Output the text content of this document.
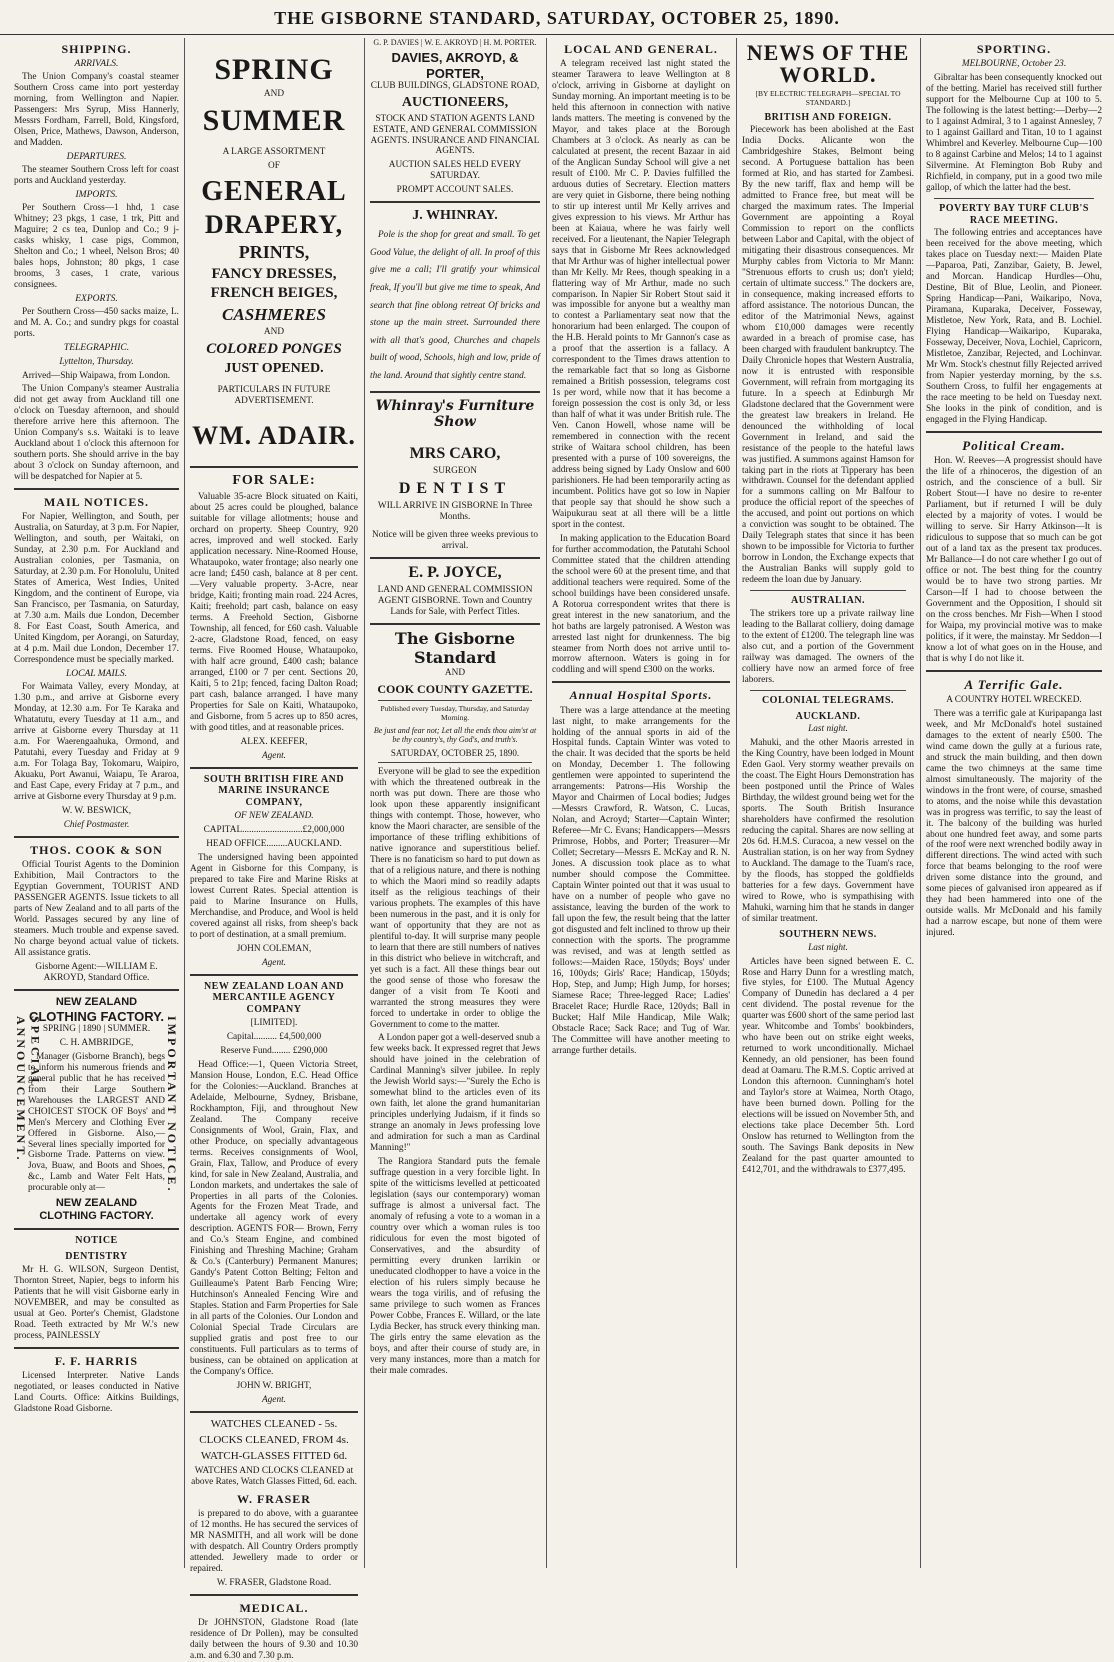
THE GISBORNE STANDARD, SATURDAY, OCTOBER 25, 1890.
SHIPPING.
ARRIVALS.

The Union Company's coastal steamer Southern Cross came into port yesterday morning, from Wellington and Napier. Passengers: Mrs Syrup, Miss Hannerly, Messrs Fordham, Farrell, Bold, Kingsford, Olsen, Price, Mathews, Dawson, Anderson, and Madden.

DEPARTURES.

The steamer Southern Cross left for coast ports and Auckland yesterday.

IMPORTS.

Per Southern Cross—1 hhd, 1 case Whitney; 23 pkgs, 1 case, 1 trk, Pitt and Maguire; 2 cs tea, Dunlop and Co.; 9 j-casks whisky, 1 case pigs, Common, Shelton and Co.; 1 wheel, Nelson Bros; 40 bales hops, Johnston; 80 pkgs, 1 case brooms, 3 cases, 1 crate, various consignees.

EXPORTS.

Per Southern Cross—450 sacks maize, L. and M. A. Co.; and sundry pkgs for coastal ports.

TELEGRAPHIC.

Lyttelton, Thursday.

Arrived—Ship Waipawa, from London.

The Union Company's steamer Australia did not get away from Auckland till one o'clock on Tuesday afternoon, and should therefore arrive here this afternoon. The Union Company's s.s. Waitaki is to leave Auckland about 1 o'clock this afternoon for southern ports. She should arrive in the bay about 3 o'clock on Sunday afternoon, and will be despatched for Napier at 5.

MAIL NOTICES.

For Napier, Wellington, and South, per Australia, on Saturday, at 3 p.m. For Napier, Wellington, and south, per Waitaki, on Sunday, at 2.30 p.m. For Auckland and Australian colonies, per Tasmania, on Saturday, at 2.30 p.m. For Honolulu, United States of America, West Indies, United Kingdom, and the continent of Europe, via San Francisco, per Tasmania, on Saturday, at 7.30 a.m. Mails due London, December 8. For East Coast, South America, and United Kingdom, per Aorangi, on Saturday, at 4 p.m. Mail due London, December 17. Correspondence must be specially marked.

LOCAL MAILS.

For Waimata Valley, every Monday, at 1.30 p.m., and arrive at Gisborne every Monday, at 12.30 a.m. For Te Karaka and Whatatutu, every Tuesday at 11 a.m., and arrive at Gisborne every Thursday at 11 a.m. For Waerengaahuka, Ormond, and Patutahi, every Tuesday and Friday at 9 a.m. For Tolaga Bay, Tokomaru, Waipiro, Akuaku, Port Awanui, Waiapu, Te Araroa, and East Cape, every Friday at 7 p.m., and arrive at Gisborne every Thursday at 9 p.m.

W. W. BESWICK,

Chief Postmaster.

THOS. COOK & SON

Official Tourist Agents to the Dominion Exhibition, Mail Contractors to the Egyptian Government, TOURIST AND PASSENGER AGENTS. Issue tickets to all parts of New Zealand and to all parts of the World. Passages secured by any line of steamers. Much trouble and expense saved. No charge beyond actual value of tickets. All assistance gratis.

Gisborne Agent:—WILLIAM E. AKROYD, Standard Office.

SPECIAL ANNOUNCEMENT.	IMPORTANT NOTICE.
NEW ZEALAND
CLOTHING FACTORY.

SPRING | 1890 | SUMMER.

C. H. AMBRIDGE,

Manager (Gisborne Branch), begs to inform his numerous friends and general public that he has received from their Large Southern Warehouses the LARGEST AND CHOICEST STOCK OF Boys' and Men's Mercery and Clothing Ever Offered in Gisborne. Also,— Several lines specially imported for Gisborne Trade. Patterns on view. Jova, Buaw, and Boots and Shoes, &c., Lamb and Water Felt Hats, procurable only at—

NEW ZEALAND CLOTHING FACTORY.
NOTICE
DENTISTRY

Mr H. G. WILSON, Surgeon Dentist, Thornton Street, Napier, begs to inform his Patients that he will visit Gisborne early in NOVEMBER, and may be consulted as usual at Geo. Porter's Chemist, Gladstone Road. Teeth extracted by Mr W.'s new process, PAINLESSLY

F. F. HARRIS

Licensed Interpreter. Native Lands negotiated, or leases conducted in Native Land Courts. Office: Aitkins Buildings, Gladstone Road Gisborne.

SPRING

AND

SUMMER

A LARGE ASSORTMENT

OF

GENERAL
DRAPERY,
PRINTS,
FANCY DRESSES,
FRENCH BEIGES,
CASHMERES

AND

COLORED PONGES
JUST OPENED.

PARTICULARS IN FUTURE ADVERTISEMENT.

WM. ADAIR.
FOR SALE:

Valuable 35-acre Block situated on Kaiti, about 25 acres could be ploughed, balance suitable for village allotments; house and orchard on property. Sheep Country, 920 acres, improved and well stocked. Early application necessary. Nine-Roomed House, Whataupoko, water frontage; also nearly one acre land; £450 cash, balance at 8 per cent.—Very valuable property. 3-Acre, near bridge, Kaiti; fronting main road. 224 Acres, Kaiti; freehold; part cash, balance on easy terms. A Freehold Section, Gisborne Township, all fenced, for £60 cash. Valuable 2-acre, Gladstone Road, fenced, on easy terms. Five Roomed House, Whataupoko, with half acre ground, £400 cash; balance arranged, £100 or 7 per cent. Sections 20, Kaiti, 5 to 21p; fenced, facing Dalton Road; part cash, balance arranged. I have many Properties for Sale on Kaiti, Whataupoko, and Gisborne, from 5 acres up to 850 acres, with good titles, and at reasonable prices.

ALEX. KEEFER,

Agent.

SOUTH BRITISH FIRE AND MARINE INSURANCE COMPANY,

OF NEW ZEALAND.

CAPITAL..........................£2,000,000

HEAD OFFICE.........AUCKLAND.

The undersigned having been appointed Agent in Gisborne for this Company, is prepared to take Fire and Marine Risks at lowest Current Rates. Special attention is paid to Marine Insurance on Hulls, Merchandise, and Produce, and Wool is held covered against all risks, from sheep's back to port of destination, at a small premium.

JOHN COLEMAN,

Agent.

NEW ZEALAND LOAN AND MERCANTILE AGENCY COMPANY

[LIMITED].

Capital.......... £4,500,000

Reserve Fund........ £290,000

Head Office:—1, Queen Victoria Street, Mansion House, London, E.C. Head Office for the Colonies:—Auckland. Branches at Adelaide, Melbourne, Sydney, Brisbane, Rockhampton, Fiji, and throughout New Zealand. The Company receive Consignments of Wool, Grain, Flax, and other Produce, on specially advantageous terms. Receives consignments of Wool, Grain, Flax, Tallow, and Produce of every kind, for sale in New Zealand, Australia, and London markets, and undertakes the sale of Properties in all parts of the Colonies. Agents for the Frozen Meat Trade, and undertake all agency work of every description. AGENTS FOR— Brown, Ferry and Co.'s Steam Engine, and combined Finishing and Threshing Machine; Graham & Co.'s (Canterbury) Permanent Manures; Gandy's Patent Cotton Belting; Felton and Guilleaume's Patent Barb Fencing Wire; Hutchinson's Annealed Fencing Wire and Staples. Station and Farm Properties for Sale in all parts of the Colonies. Our London and Colonial Special Trade Circulars are supplied gratis and post free to our constituents. Full particulars as to terms of business, can be obtained on application at the Company's Office.

JOHN W. BRIGHT,

Agent.

WATCHES CLEANED - 5s.

CLOCKS CLEANED, FROM 4s.

WATCH-GLASSES FITTED 6d.

WATCHES AND CLOCKS CLEANED at above Rates, Watch Glasses Fitted, 6d. each.

W. FRASER

is prepared to do above, with a guarantee of 12 months. He has secured the services of MR NASMITH, and all work will be done with despatch. All Country Orders promptly attended. Jewellery made to order or repaired.

W. FRASER, Gladstone Road.

MEDICAL.

Dr JOHNSTON, Gladstone Road (late residence of Dr Pollen), may be consulted daily between the hours of 9.30 and 10.30 a.m. and 6.30 and 7.30 p.m.

G. P. DAVIES | W. E. AKROYD | H. M. PORTER.

DAVIES, AKROYD, & PORTER,

CLUB BUILDINGS, GLADSTONE ROAD,

AUCTIONEERS,

STOCK AND STATION AGENTS LAND ESTATE, AND GENERAL COMMISSION AGENTS. INSURANCE AND FINANCIAL AGENTS.

AUCTION SALES HELD EVERY SATURDAY.

PROMPT ACCOUNT SALES.

J. WHINRAY.

Pole is the shop for great and small. To get Good Value, the delight of all. In proof of this give me a call; I'll gratify your whimsical freak, If you'll but give me time to speak, And search that fine oblong retreat Of bricks and stone up the main street. Surrounded there with all that's good, Churches and chapels built of wood, Schools, high and low, pride of the land. Around that sightly centre stand.

Whinray's Furniture Show
MRS CARO,

SURGEON

DENTIST

WILL ARRIVE IN GISBORNE In Three Months.

Notice will be given three weeks previous to arrival.

E. P. JOYCE,

LAND AND GENERAL COMMISSION AGENT GISBORNE. Town and Country Lands for Sale, with Perfect Titles.

The Gisborne Standard

AND

COOK COUNTY GAZETTE.

Published every Tuesday, Thursday, and Saturday Morning.

Be just and fear not; Let all the ends thou aim'st at be thy country's, thy God's, and truth's.

SATURDAY, OCTOBER 25, 1890.

Everyone will be glad to see the expedition with which the threatened outbreak in the north was put down. There are those who look upon these apparently insignificant things with contempt. Those, however, who know the Maori character, are sensible of the importance of these trifling exhibitions of native ignorance and superstitious belief. There is no fanaticism so hard to put down as that of a religious nature, and there is nothing to which the Maori mind so readily adapts itself as the religious teachings of their various prophets. The examples of this have been numerous in the past, and it is only for want of opportunity that they are not as plentiful to-day. It will surprise many people to learn that there are still numbers of natives in this district who believe in witchcraft, and yet such is a fact. All these things bear out the good sense of those who foresaw the danger of a visit from Te Kooti and warranted the strong measures they were forced to undertake in order to oblige the Government to come to the matter.

A London paper got a well-deserved snub a few weeks back. It expressed regret that Jews should have joined in the celebration of Cardinal Manning's silver jubilee. In reply the Jewish World says:—"Surely the Echo is somewhat blind to the articles even of its own faith, let alone the grand humanitarian principles underlying Judaism, if it finds so strange an anomaly in Jews professing love and admiration for such a man as Cardinal Manning!"

The Rangiora Standard puts the female suffrage question in a very forcible light. In spite of the witticisms levelled at petticoated legislation (says our contemporary) woman suffrage is almost a universal fact. The anomaly of refusing a vote to a woman in a country over which a woman rules is too ridiculous for even the most bigoted of Conservatives, and the absurdity of permitting every drunken larrikin or uneducated clodhopper to have a voice in the election of his rulers simply because he wears the toga virilis, and of refusing the same privilege to such women as Frances Power Cobbe, Frances E. Willard, or the late Lydia Becker, has struck every thinking man. The girls entry the same elevation as the boys, and after their course of study are, in very many instances, more than a match for their male comrades.

LOCAL AND GENERAL.

A telegram received last night stated the steamer Tarawera to leave Wellington at 8 o'clock, arriving in Gisborne at daylight on Sunday morning. An important meeting is to be held this afternoon in connection with native lands matters. The meeting is convened by the Mayor, and takes place at the Borough Chambers at 3 o'clock. As nearly as can be calculated at present, the recent Bazaar in aid of the Anglican Sunday School will give a net result of £100. Mr C. P. Davies fulfilled the arduous duties of Secretary. Election matters are very quiet in Gisborne, there being nothing to stir up interest until Mr Kelly arrives and gives expression to his views. Mr Arthur has been at Kaiaua, where he was fairly well received. For a lieutenant, the Napier Telegraph says that in Gisborne Mr Rees acknowledged that Mr Arthur was of higher intellectual power than Mr Kelly. Mr Rees, though speaking in a flattering way of Mr Arthur, made no such comparison. In Napier Sir Robert Stout said it was impossible for anyone but a wealthy man to contest a Parliamentary seat now that the honorarium had been enlarged. The coupon of the H.B. Herald points to Mr Gannon's case as a proof that the assertion is a fallacy. A correspondent to the Times draws attention to the remarkable fact that so long as Gisborne remained a British possession, telegrams cost 1s per word, while now that it has become a foreign possession the cost is only 3d, or less than half of what it was under British rule. The Ven. Canon Howell, whose name will be remembered in connection with the recent strike of Waitara school children, has been presented with a purse of 100 sovereigns, the address being signed by Lady Onslow and 600 parishioners. He had been temporarily acting as incumbent. Politics have got so low in Napier that people say that should he show such a Waipukurau seat at all there will be a little sport in the contest.

In making application to the Education Board for further accommodation, the Patutahi School Committee stated that the children attending the school were 60 at the present time, and that additional teachers were required. Some of the school buildings have been considered unsafe. A Rotorua correspondent writes that there is great interest in the new sanatorium, and the hot baths are largely patronised. A Weston was arrested last night for drunkenness. The big steamer from North does not arrive until to-morrow afternoon. Waters is going in for coddling and will spend £300 on the works.

Annual Hospital Sports.

There was a large attendance at the meeting last night, to make arrangements for the holding of the annual sports in aid of the Hospital funds. Captain Winter was voted to the chair. It was decided that the sports be held on Monday, December 1. The following gentlemen were appointed to superintend the arrangements: Patrons—His Worship the Mayor and Chairmen of Local bodies; Judges—Messrs Crawford, R. Watson, C. Lucas, Nolan, and Acroyd; Starter—Captain Winter; Referee—Mr C. Evans; Handicappers—Messrs Primrose, Hobbs, and Porter; Treasurer—Mr Collet; Secretary—Messrs E. McKay and R. N. Jones. A discussion took place as to what number should compose the Committee. Captain Winter pointed out that it was usual to have on a number of people who gave no assistance, leaving the burden of the work to fall upon the few, the result being that the latter got disgusted and felt inclined to throw up their connection with the sports. The programme was revised, and was at length settled as follows:—Maiden Race, 150yds; Boys' under 16, 100yds; Girls' Race; Handicap, 150yds; Hop, Step, and Jump; High Jump, for horses; Siamese Race; Three-legged Race; Ladies' Bracelet Race; Hurdle Race, 120yds; Ball in Bucket; Half Mile Handicap, Mile Walk; Obstacle Race; Sack Race; and Tug of War. The Committee will have another meeting to arrange further details.

NEWS OF THE WORLD.

[BY ELECTRIC TELEGRAPH—SPECIAL TO STANDARD.]

BRITISH AND FOREIGN.

Piecework has been abolished at the East India Docks. Alicante won the Cambridgeshire Stakes, Belmont being second. A Portuguese battalion has been formed at Rio, and has started for Zambesi. By the new tariff, flax and hemp will be admitted to France free, but meat will be charged the maximum rates. The Imperial Government are appointing a Royal Commission to report on the conflicts between Labor and Capital, with the object of mitigating their disastrous consequences. Mr Murphy cables from Victoria to Mr Mann: "Strenuous efforts to crush us; don't yield; certain of ultimate success." The dockers are, in consequence, making increased efforts to afford assistance. The notorious Duncan, the editor of the Matrimonial News, against whom £10,000 damages were recently awarded in a breach of promise case, has been charged with fraudulent bankruptcy. The Daily Chronicle hopes that Western Australia, now it is entrusted with responsible Government, will refrain from mortgaging its future. In a speech at Edinburgh Mr Gladstone declared that the Government were the greatest law breakers in Ireland. He denounced the withholding of local Government in Ireland, and said the resistance of the people to the hateful laws was justified. A summons against Hamson for taking part in the riots at Tipperary has been withdrawn. Counsel for the defendant applied for a summons calling on Mr Balfour to produce the official report of the speeches of the accused, and point out portions on which a conviction was sought to be obtained. The Daily Telegraph states that since it has been shown to be impossible for Victoria to further borrow in London, the Exchange expects that the Australian Banks will supply gold to redeem the loan due by January.

AUSTRALIAN.

The strikers tore up a private railway line leading to the Ballarat colliery, doing damage to the extent of £1200. The telegraph line was also cut, and a portion of the Government railway was damaged. The owners of the colliery have now an armed force of free laborers.

COLONIAL TELEGRAMS.
AUCKLAND.

Last night.

Mahuki, and the other Maoris arrested in the King Country, have been lodged in Mount Eden Gaol. Very stormy weather prevails on the coast. The Eight Hours Demonstration has been postponed until the Prince of Wales Birthday, the wildest ground being wet for the sports. The South British Insurance shareholders have confirmed the resolution reducing the capital. Shares are now selling at 20s 6d. H.M.S. Curacoa, a new vessel on the Australian station, is on her way from Sydney to Auckland. The damage to the Tuam's race, by the floods, has stopped the goldfields batteries for a few days. Government have wired to Rowe, who is sympathising with Mahuki, warning him that he stands in danger of similar treatment.

SOUTHERN NEWS.

Last night.

Articles have been signed between E. C. Rose and Harry Dunn for a wrestling match, five styles, for £100. The Mutual Agency Company of Dunedin has declared a 4 per cent dividend. The postal revenue for the quarter was £600 short of the same period last year. Whitcombe and Tombs' bookbinders, who have been out on strike eight weeks, returned to work unconditionally. Michael Kennedy, an old pensioner, has been found dead at Oamaru. The R.M.S. Coptic arrived at London this afternoon. Cunningham's hotel and Taylor's store at Waimea, North Otago, have been burned down. Polling for the elections will be issued on November 5th, and elections take place December 5th. Lord Onslow has returned to Wellington from the south. The Savings Bank deposits in New Zealand for the past quarter amounted to £412,701, and the withdrawals to £377,495.

SPORTING.

MELBOURNE, October 23.

Gibraltar has been consequently knocked out of the betting. Mariel has received still further support for the Melbourne Cup at 100 to 5. The following is the latest betting:—Derby—2 to 1 against Admiral, 3 to 1 against Annesley, 7 to 1 against Gaillard and Titan, 10 to 1 against Whimbrel and Keverley. Melbourne Cup—100 to 8 against Carbine and Melos; 14 to 1 against Silvermine. At Flemington Bob Ruby and Richfield, in company, put in a good two mile gallop, of which the latter had the best.

POVERTY BAY TURF CLUB'S RACE MEETING.

The following entries and acceptances have been received for the above meeting, which takes place on Tuesday next:— Maiden Plate—Paparoa, Pati, Zanzibar, Gaiety, B. Jewel, and Morcan. Handicap Hurdles—Ohu, Destine, Bit of Blue, Leolin, and Pioneer. Spring Handicap—Pani, Waikaripo, Nova, Piramana, Kuparaka, Deceiver, Fosseway, Mistletoe, New York, Rata, and B. Lochiel. Flying Handicap—Waikaripo, Kuparaka, Fosseway, Deceiver, Nova, Lochiel, Capricorn, Mistletoe, Zanzibar, Rejected, and Lochinvar. Mr Wm. Stock's chestnut filly Rejected arrived from Napier yesterday morning, by the s.s. Southern Cross, to fulfil her engagements at the race meeting to be held on Tuesday next. She looks in the pink of condition, and is engaged in the Flying Handicap.

Political Cream.

Hon. W. Reeves—A progressist should have the life of a rhinoceros, the digestion of an ostrich, and the conscience of a bull. Sir Robert Stout—I have no desire to re-enter Parliament, but if returned I will be duly elected by a majority of votes. I would be willing to serve. Sir Harry Atkinson—It is ridiculous to suppose that so much can be got out of a land tax as the present tax produces. Mr Ballance—I do not care whether I go out of office or not. The best thing for the country would be to have two strong parties. Mr Carson—If I had to choose between the Government and the Opposition, I should sit on the cross benches. Mr Fish—When I stood for Waipa, my provincial motive was to make politics, if it were, the mainstay. Mr Seddon—I know a lot of what goes on in the House, and that is why I do not like it.

A Terrific Gale.

A COUNTRY HOTEL WRECKED.

There was a terrific gale at Kuripapanga last week, and Mr McDonald's hotel sustained damages to the extent of nearly £500. The wind came down the gully at a furious rate, and struck the main building, and then down came the two chimneys at the same time almost simultaneously. The majority of the windows in the front were, of course, smashed to atoms, and the noise while this devastation was in progress was terrific, to say the least of it. The balcony of the building was hurled about one hundred feet away, and some parts of the roof were next wrenched bodily away in different directions. The wind acted with such force that beams belonging to the roof were driven some distance into the ground, and some pieces of galvanised iron appeared as if they had been hammered into one of the outside walls. Mr McDonald and his family had a narrow escape, but none of them were injured.
